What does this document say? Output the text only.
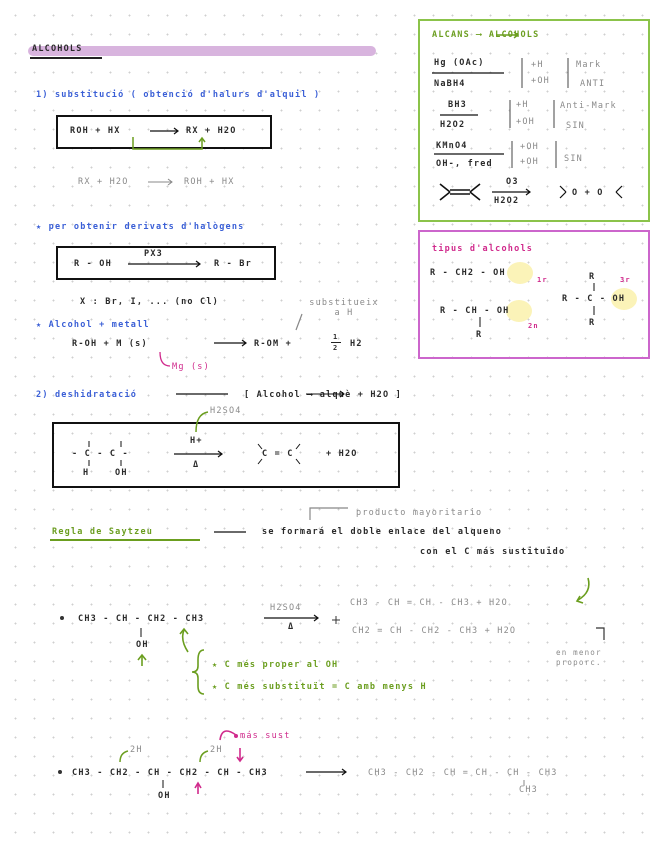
ALCOHOLS
1) substitució ( obtenció d'halurs d'alquil )
ROH + HX	RX + H2O
RX + H2O	ROH + HX
★ per obtenir derivats d'halògens
R - OH
PX3
R - Br
X : Br, I, ... (no Cl)	substitueix a H
★ Alcohol + metall
R-OH + M (s)	R-OM +
1
2 H2
Mg (s)
2) deshidratació	[ Alcohol ⟶ alquè + H2O ]
H2SO4
- C - C -
H	OH
H+
Δ
C = C	+ H2O
producto mayoritario
Regla de Saytzeu	se formará el doble enlace del alqueno
con el C más sustituido
CH3 - CH - CH2 - CH3
OH
H2SO4
Δ
CH3 - CH = CH - CH3 + H2O
CH2 = CH - CH2 - CH3 + H2O
en menor proporc.
★ C més proper al OH
★ C més substituït = C amb menys H
más sust
2H	2H
CH3 - CH2 - CH - CH2 - CH - CH3
OH
CH3 - CH2 - CH = CH - CH - CH3
CH3
ALCANS ⟶ ALCOHOLS
Hg (OAc)
NaBH4
+H
+OH
Mark
ANTI
BH3
H2O2
+H
+OH
Anti-Mark
SIN
KMnO4
OH-, fred
+OH
+OH	SIN
O3
H2O2
O + O
tipus d'alcohols
R - CH2 - OH
1r
R - CH - OH
R
2n
R - C - OH
R
R
3r
